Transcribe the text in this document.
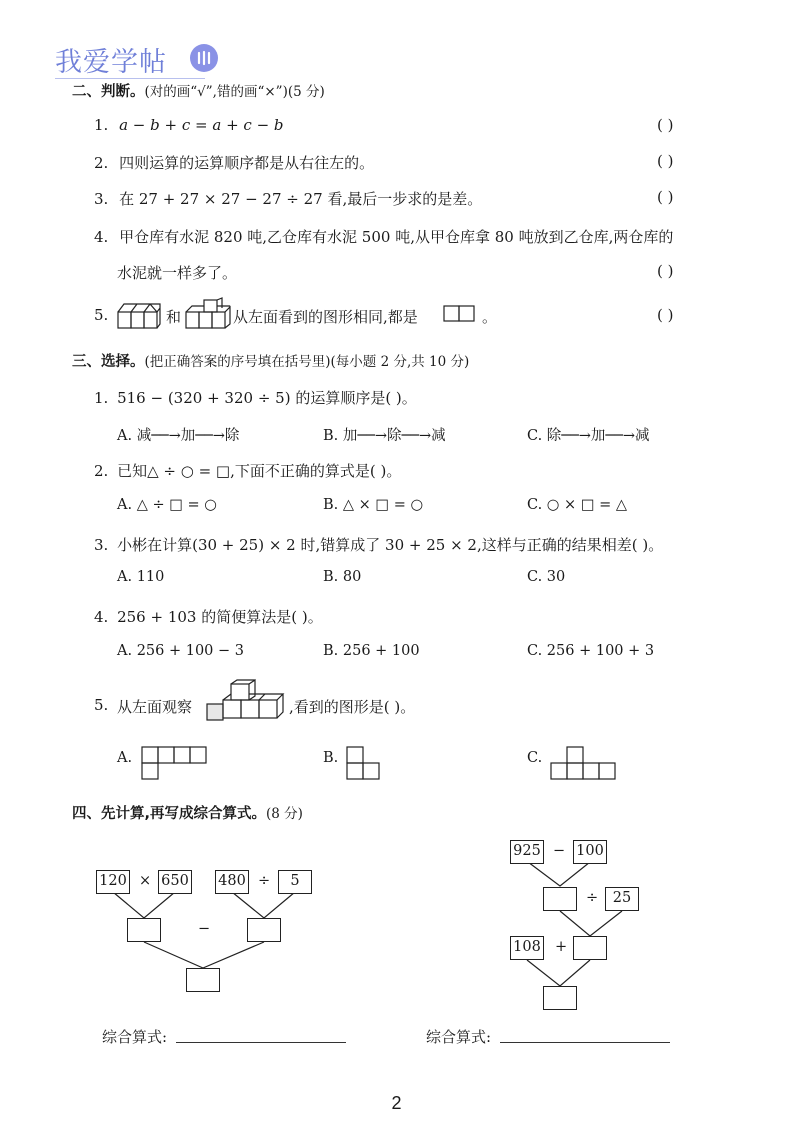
我爱学帖
二、判断。(对的画“√”,错的画“×”)(5 分)
1. a − b + c = a + c − b	( )
2. 四则运算的运算顺序都是从右往左的。	( )
3. 在 27 + 27 × 27 − 27 ÷ 27 看,最后一步求的是差。	( )
4. 甲仓库有水泥 820 吨,乙仓库有水泥 500 吨,从甲仓库拿 80 吨放到乙仓库,两仓库的
水泥就一样多了。	( )
5.	和	从左面看到的图形相同,都是	。	( )
三、选择。(把正确答案的序号填在括号里)(每小题 2 分,共 10 分)
1. 516 − (320 + 320 ÷ 5) 的运算顺序是( )。
A. 减──→加──→除	B. 加──→除──→减	C. 除──→加──→减
2. 已知△ ÷ ○ = □,下面不正确的算式是( )。
A. △ ÷ □ = ○	B. △ × □ = ○	C. ○ × □ = △
3. 小彬在计算(30 + 25) × 2 时,错算成了 30 + 25 × 2,这样与正确的结果相差( )。
A. 110	B. 80	C. 30
4. 256 + 103 的简便算法是( )。
A. 256 + 100 − 3	B. 256 + 100	C. 256 + 100 + 3
5. 从左面观察	,看到的图形是( )。
A.	B.	C.
四、先计算,再写成综合算式。(8 分)
120 × 650 480 ÷	5
−
925 − 100
÷	25
108 +
综合算式:	综合算式:
2
